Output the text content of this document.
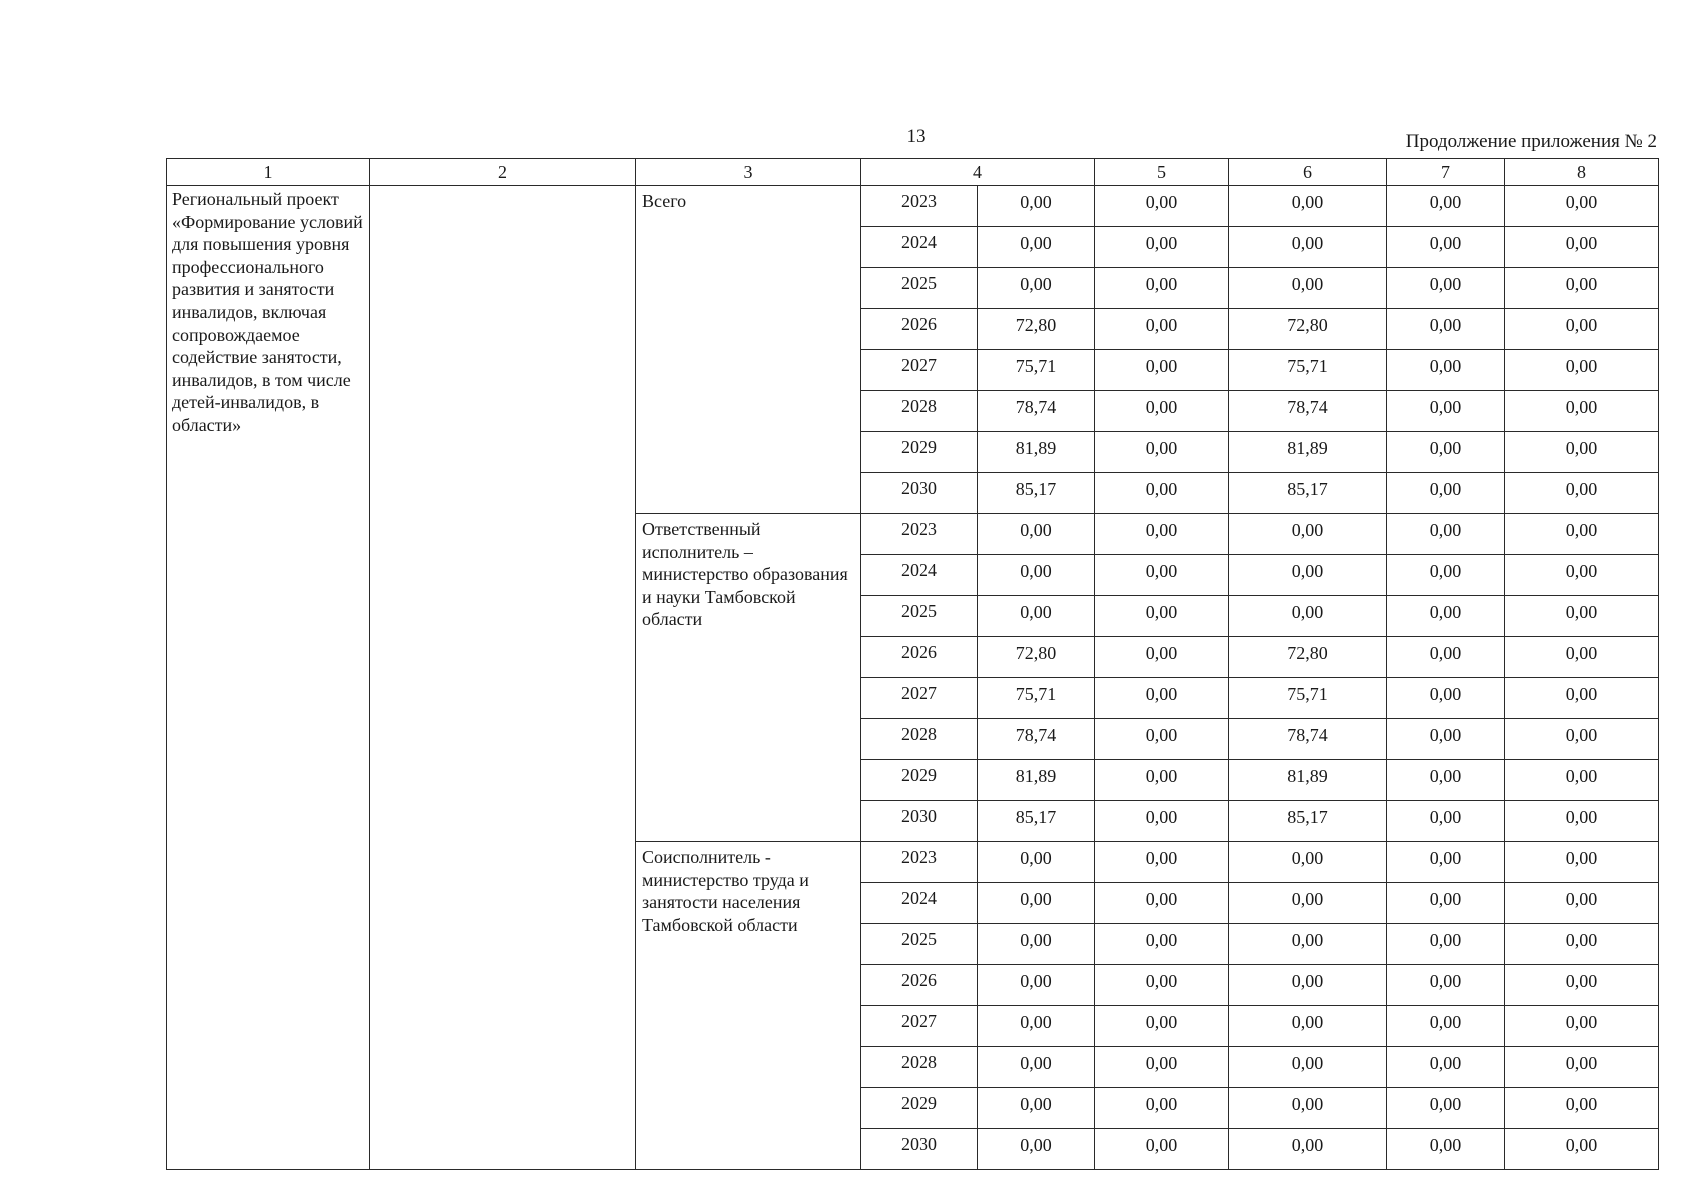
13	Продолжение приложения № 2
1	2	3	4		5	6	7	8
Региональный проект «Формирование условий для повышения уровня профессионального развития и занятости инвалидов, включая сопровождаемое содействие занятости, инвалидов, в том числе детей-инвалидов, в области»		Всего	2023	0,00	0,00	0,00	0,00	0,00
			2024	0,00	0,00	0,00	0,00	0,00
			2025	0,00	0,00	0,00	0,00	0,00
			2026	72,80	0,00	72,80	0,00	0,00
			2027	75,71	0,00	75,71	0,00	0,00
			2028	78,74	0,00	78,74	0,00	0,00
			2029	81,89	0,00	81,89	0,00	0,00
			2030	85,17	0,00	85,17	0,00	0,00
		Ответственный исполнитель – министерство образования и науки Тамбовской области	2023	0,00	0,00	0,00	0,00	0,00
			2024	0,00	0,00	0,00	0,00	0,00
			2025	0,00	0,00	0,00	0,00	0,00
			2026	72,80	0,00	72,80	0,00	0,00
			2027	75,71	0,00	75,71	0,00	0,00
			2028	78,74	0,00	78,74	0,00	0,00
			2029	81,89	0,00	81,89	0,00	0,00
			2030	85,17	0,00	85,17	0,00	0,00
		Соисполнитель - министерство труда и занятости населения Тамбовской области	2023	0,00	0,00	0,00	0,00	0,00
			2024	0,00	0,00	0,00	0,00	0,00
			2025	0,00	0,00	0,00	0,00	0,00
			2026	0,00	0,00	0,00	0,00	0,00
			2027	0,00	0,00	0,00	0,00	0,00
			2028	0,00	0,00	0,00	0,00	0,00
			2029	0,00	0,00	0,00	0,00	0,00
			2030	0,00	0,00	0,00	0,00	0,00
